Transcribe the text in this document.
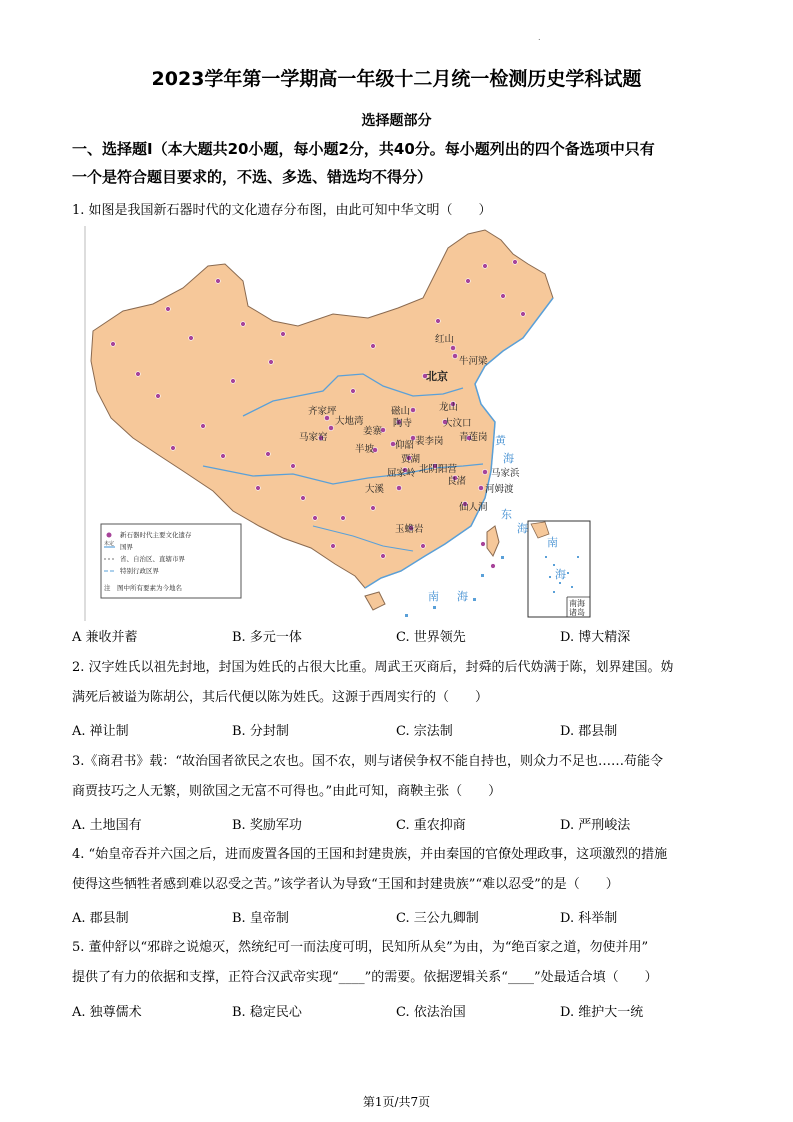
.
2023学年第一学期高一年级十二月统一检测历史学科试题
选择题部分
一、选择题Ⅰ（本大题共20小题，每小题2分，共40分。每小题列出的四个备选项中只有
一个是符合题目要求的，不选、多选、错选均不得分）
1. 如图是我国新石器时代的文化遗存分布图，由此可知中华文明（　　）
红山
牛河梁
北京
磁山	龙山
大汶口
齐家坪
大地湾
姜寨
陶寺
马家窑
半坡 仰韶 裴李岗 青莲岗
贾湖
屈家岭 北阴阳营	马家浜
良渚
河姆渡
大溪
仙人洞
玉蟾岩
黄
海
东
海
南 海
南
海
南海
诸岛
新石器时代主要文化遗存
国界
省、自治区、直辖市界
特别行政区界
未定
注　图中所有要素为今地名
A 兼收并蓄	B. 多元一体	C. 世界领先	D. 博大精深
2. 汉字姓氏以祖先封地，封国为姓氏的占很大比重。周武王灭商后，封舜的后代妫满于陈，划界建国。妫
满死后被谥为陈胡公，其后代便以陈为姓氏。这源于西周实行的（　　）
A. 禅让制	B. 分封制	C. 宗法制	D. 郡县制
3.《商君书》载：“故治国者欲民之农也。国不农，则与诸侯争权不能自持也，则众力不足也……苟能令
商贾技巧之人无繁，则欲国之无富不可得也。”由此可知，商鞅主张（　　）
A. 土地国有	B. 奖励军功	C. 重农抑商	D. 严刑峻法
4. “始皇帝吞并六国之后，进而废置各国的王国和封建贵族，并由秦国的官僚处理政事，这项激烈的措施
使得这些牺牲者感到难以忍受之苦。”该学者认为导致“王国和封建贵族”“难以忍受”的是（　　）
A. 郡县制	B. 皇帝制	C. 三公九卿制	D. 科举制
5. 董仲舒以“邪辟之说熄灭，然统纪可一而法度可明，民知所从矣”为由，为“绝百家之道，勿使并用”
提供了有力的依据和支撑，正符合汉武帝实现“____”的需要。依据逻辑关系“____”处最适合填（　　）
A. 独尊儒术	B. 稳定民心	C. 依法治国	D. 维护大一统
第1页/共7页
